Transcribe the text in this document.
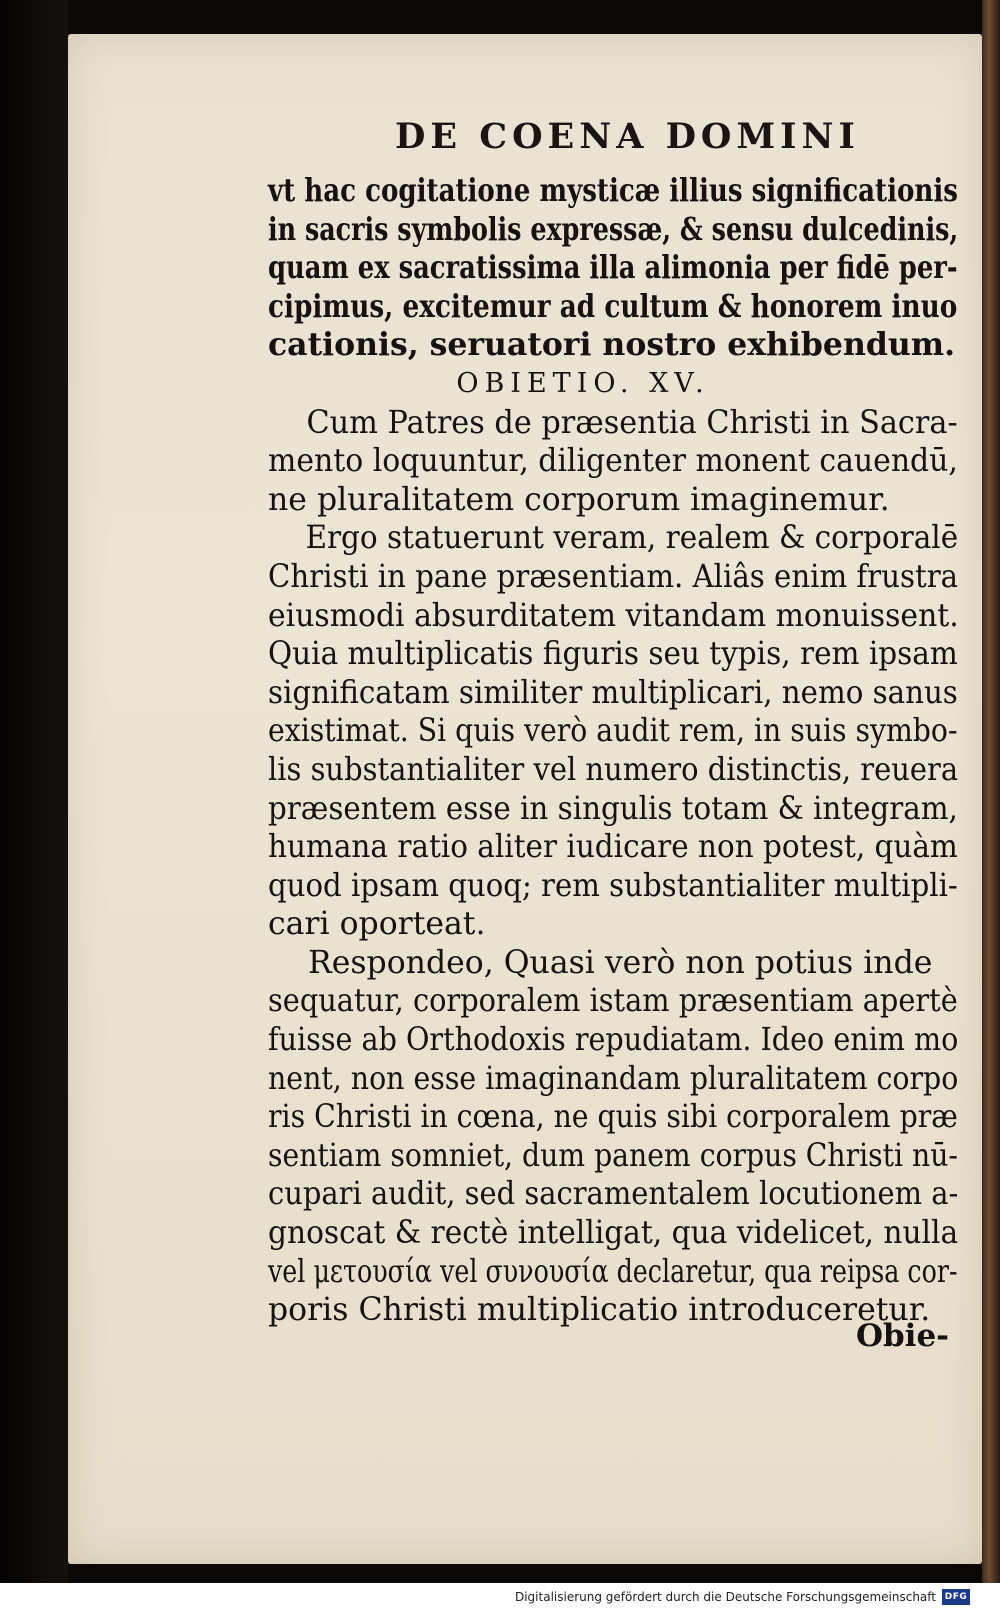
DE COENA DOMINI
vt hac cogitatione mysticæ illius significationis
in sacris symbolis expressæ, & sensu dulcedinis,
quam ex sacratissima illa alimonia per fidē per-
cipimus, excitemur ad cultum & honorem inuo
cationis, seruatori nostro exhibendum.
OBIETIO. XV.
Cum Patres de præsentia Christi in Sacra-
mento loquuntur, diligenter monent cauendū,
ne pluralitatem corporum imaginemur.
Ergo statuerunt veram, realem & corporalē
Christi in pane præsentiam. Aliâs enim frustra
eiusmodi absurditatem vitandam monuissent.
Quia multiplicatis figuris seu typis, rem ipsam
significatam similiter multiplicari, nemo sanus
existimat. Si quis verò audit rem, in suis symbo-
lis substantialiter vel numero distinctis, reuera
præsentem esse in singulis totam & integram,
humana ratio aliter iudicare non potest, quàm
quod ipsam quoq; rem substantialiter multipli-
cari oporteat.
Respondeo, Quasi verò non potius inde
sequatur, corporalem istam præsentiam apertè
fuisse ab Orthodoxis repudiatam. Ideo enim mo
nent, non esse imaginandam pluralitatem corpo
ris Christi in cœna, ne quis sibi corporalem præ
sentiam somniet, dum panem corpus Christi nū-
cupari audit, sed sacramentalem locutionem a-
gnoscat & rectè intelligat, qua videlicet, nulla
vel μετουσία vel συνουσία declaretur, qua reipsa cor-
poris Christi multiplicatio introduceretur.
Obie-
Digitalisierung gefördert durch die Deutsche Forschungsgemeinschaft DFG
